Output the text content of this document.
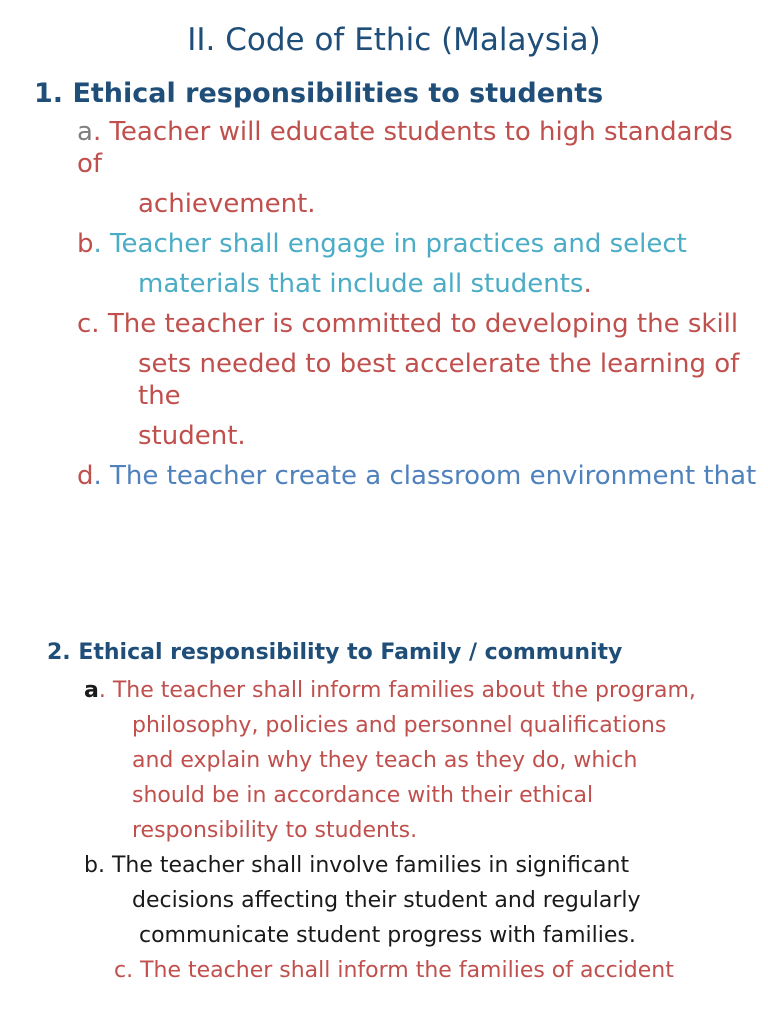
II. Code of Ethic (Malaysia)
1. Ethical responsibilities to students

a. Teacher will educate students to high standards of

achievement.

b. Teacher shall engage in practices and select

materials that include all students.

c. The teacher is committed to developing the skill

sets needed to best accelerate the learning of the

student.

d. The teacher create a classroom environment that

2. Ethical responsibility to Family / community

a. The teacher shall inform families about the program,

philosophy, policies and personnel qualifications

and explain why they teach as they do, which

should be in accordance with their ethical

responsibility to students.

b. The teacher shall involve families in significant

decisions affecting their student and regularly

communicate student progress with families.

c. The teacher shall inform the families of accident
